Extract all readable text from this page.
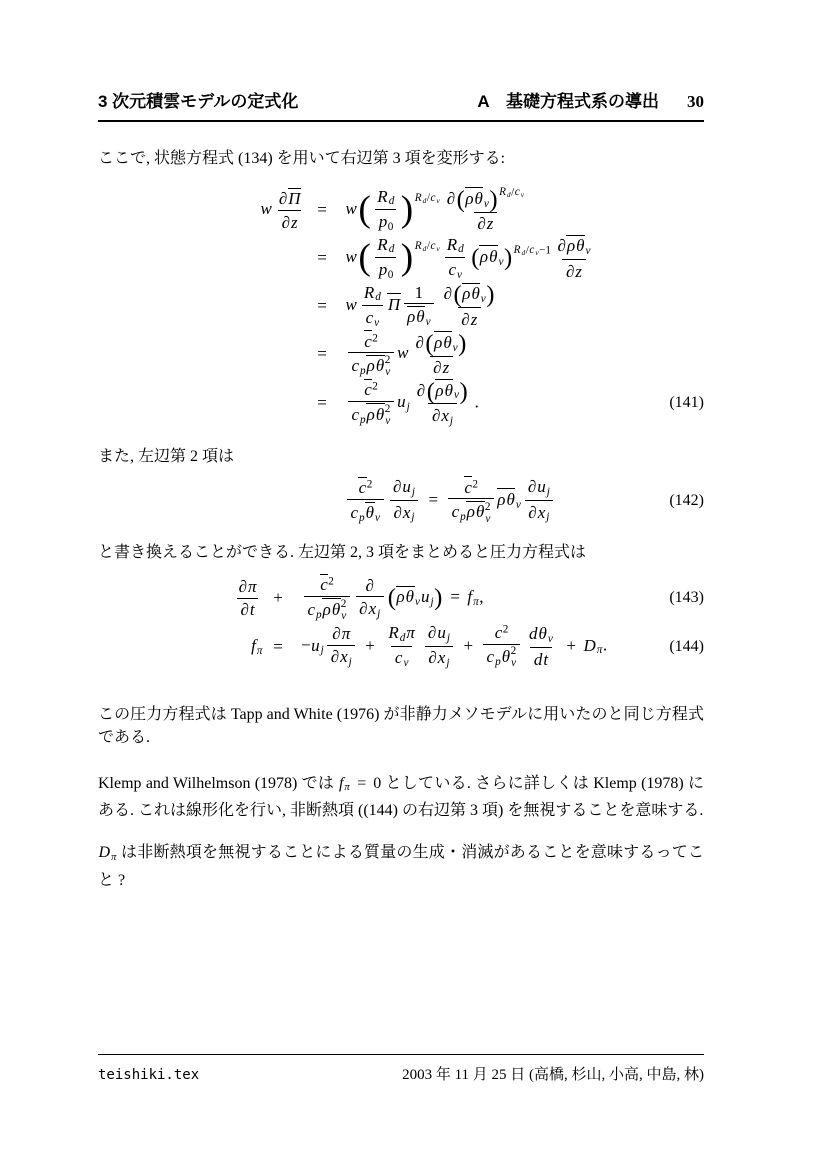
3 次元積雲モデルの定式化	A　基礎方程式系の導出 30

ここで, 状態方程式 (134) を用いて右辺第 3 項を変形する:

w $\frac{\partial\Pi}{\partial z}$ =	$w( \frac{R_d}{p_0}$ ) $^{R_d/c_v} \frac{\partial(\rho\theta_v) ^{R_d/c_v}}{\partial z}$
=	$w( \frac{R_d}{p_0}$ ) $^{R_d/c_v} \frac{R_d}{c_v} (\rho\theta_v)$ $^{R_d/c_v-1} \frac{\partial\rho\theta_v}{\partial z}$
=	w $\frac{R_d}{c_v}$ Π $\frac{1}{\rho\theta_v} \frac{\partial(\rho\theta_v)}{\partial z}$
=	$c^2$
$c_p\rho\theta$ 2
v w $\frac{\partial(\rho\theta_v)}{\partial z}$
=	$c^2$
$c_p\rho\theta$ 2
v $u_j \frac{\partial(\rho\theta_v)}{\partial x_j}$ .	(141)

また, 左辺第 2 項は

$\frac{c^2}{c_p\theta_v} \frac{\partial u_j}{\partial x_j} = c^2$
$c_p\rho\theta$ 2
v $\rho\theta_v \frac{\partial u_j}{\partial x_j}$	(142)

と書き換えることができる. 左辺第 2, 3 項をまとめると圧力方程式は

$\frac{\partial\pi}{\partial t}$ +	$c^2$
$c_p\rho\theta$ 2
v $\frac{\partial}{\partial x_j} (\rho\theta_vu_j) = f_\pi$,	(143)
$f_\pi$ =	$-u_j \frac{\partial\pi}{\partial x_j} + \frac{R_d\pi}{c_v} \frac{\partial u_j}{\partial x_j} + c^2$
$c_p\theta$ 2
v $\frac{d\theta_v}{dt} + D_\pi$.	(144)

この圧力方程式は Tapp and White (1976) が非静力メソモデルに用いたのと同じ方程式である.

Klemp and Wilhelmson (1978) では $f_\pi = 0$ としている. さらに詳しくは Klemp (1978) にある. これは線形化を行い, 非断熱項 ((144) の右辺第 3 項) を無視することを意味する.

$D_\pi$ は非断熱項を無視することによる質量の生成・消滅があることを意味するってこと ?

teishiki.tex	2003 年 11 月 25 日 (高橋, 杉山, 小高, 中島, 林)
